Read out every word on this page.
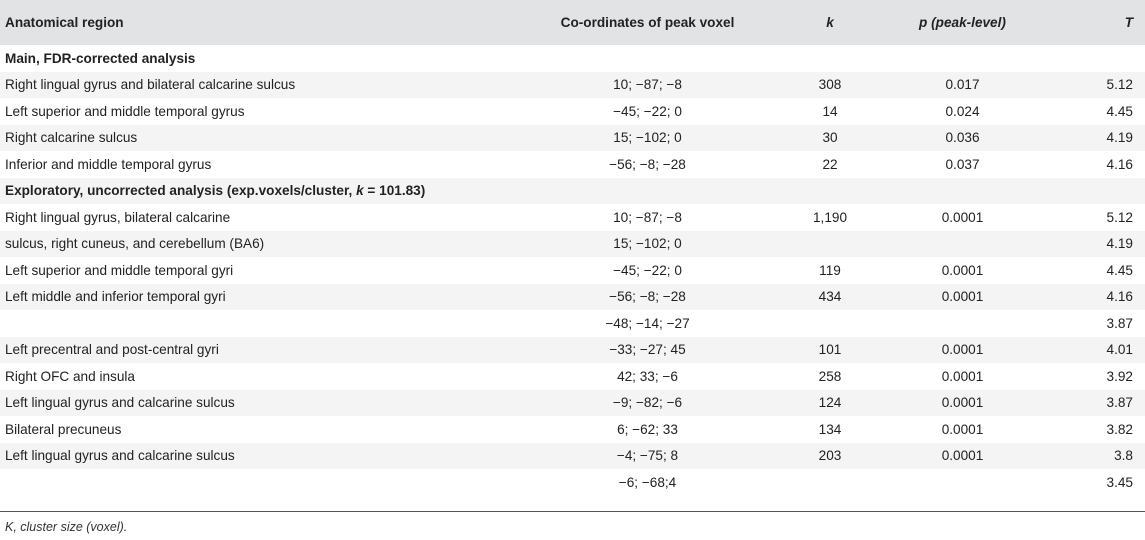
Anatomical region	Co-ordinates of peak voxel	k	p (peak-level)	T
Main, FDR-corrected analysis				
Right lingual gyrus and bilateral calcarine sulcus	10; −87; −8	308	0.017	5.12
Left superior and middle temporal gyrus	−45; −22; 0	14	0.024	4.45
Right calcarine sulcus	15; −102; 0	30	0.036	4.19
Inferior and middle temporal gyrus	−56; −8; −28	22	0.037	4.16
Exploratory, uncorrected analysis (exp.voxels/cluster, k = 101.83)				
Right lingual gyrus, bilateral calcarine	10; −87; −8	1,190	0.0001	5.12
sulcus, right cuneus, and cerebellum (BA6)	15; −102; 0			4.19
Left superior and middle temporal gyri	−45; −22; 0	119	0.0001	4.45
Left middle and inferior temporal gyri	−56; −8; −28	434	0.0001	4.16
	−48; −14; −27			3.87
Left precentral and post-central gyri	−33; −27; 45	101	0.0001	4.01
Right OFC and insula	42; 33; −6	258	0.0001	3.92
Left lingual gyrus and calcarine sulcus	−9; −82; −6	124	0.0001	3.87
Bilateral precuneus	6; −62; 33	134	0.0001	3.82
Left lingual gyrus and calcarine sulcus	−4; −75; 8	203	0.0001	3.8
	−6; −68;4			3.45
K, cluster size (voxel).
